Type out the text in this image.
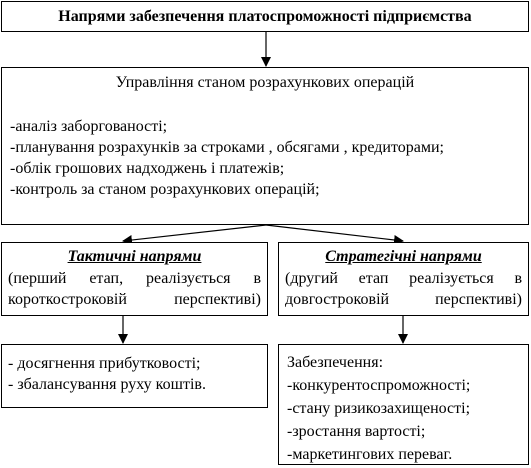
Напрями забезпечення платоспроможності підприємства
Управління станом розрахункових операцій
-аналіз заборгованості;
-планування розрахунків за строками , обсягами , кредиторами;
-облік грошових надходжень і платежів;
-контроль за станом розрахункових операцій;
Тактичні напрями
(перший етап, реалізується в
короткостроковій перспективі)
Стратегічні напрями
(другий етап реалізується в
довгостроковій перспективі)
- досягнення прибутковості;
- збалансування руху коштів.
Забезпечення:
-конкурентоспроможності;
-стану ризикозахищеності;
-зростання вартості;
-маркетингових переваг.
